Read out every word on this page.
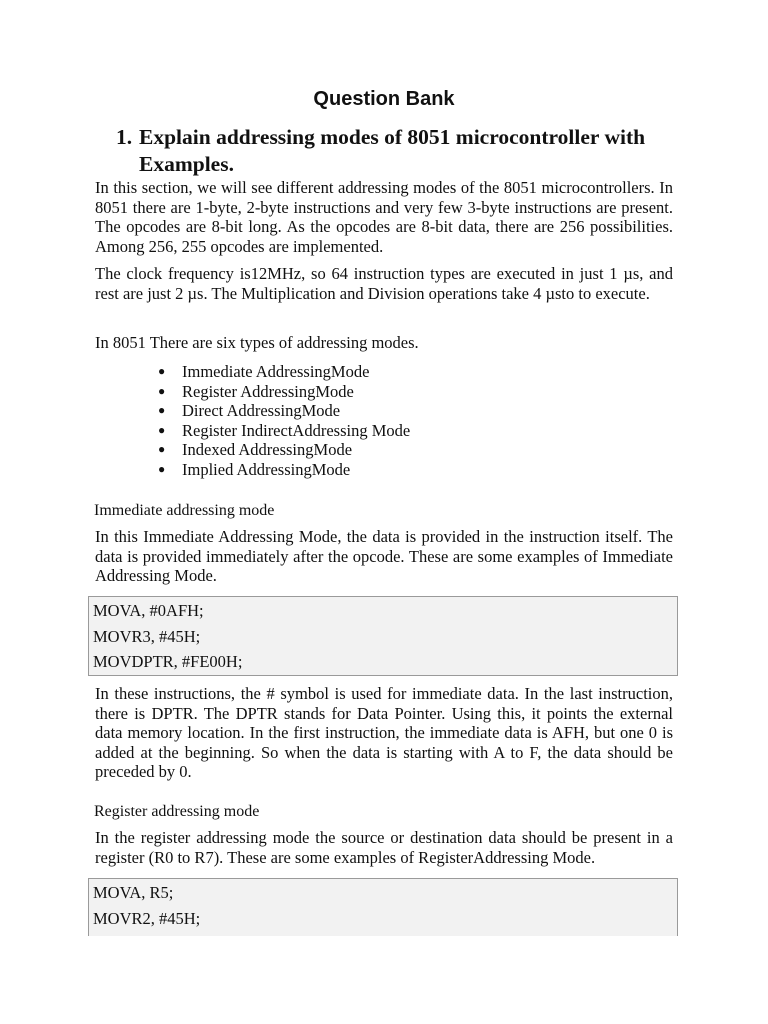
Question Bank
1. Explain addressing modes of 8051 microcontroller with Examples.

In this section, we will see different addressing modes of the 8051 microcontrollers. In 8051 there are 1-byte, 2-byte instructions and very few 3-byte instructions are present. The opcodes are 8-bit long. As the opcodes are 8-bit data, there are 256 possibilities. Among 256, 255 opcodes are implemented.

The clock frequency is12MHz, so 64 instruction types are executed in just 1 µs, and rest are just 2 µs. The Multiplication and Division operations take 4 µsto to execute.

In 8051 There are six types of addressing modes.

● Immediate AddressingMode
● Register AddressingMode
● Direct AddressingMode
● Register IndirectAddressing Mode
● Indexed AddressingMode
● Implied AddressingMode

Immediate addressing mode

In this Immediate Addressing Mode, the data is provided in the instruction itself. The data is provided immediately after the opcode. These are some examples of Immediate Addressing Mode.

MOVA, #0AFH;
MOVR3, #45H;
MOVDPTR, #FE00H;

In these instructions, the # symbol is used for immediate data. In the last instruction, there is DPTR. The DPTR stands for Data Pointer. Using this, it points the external data memory location. In the first instruction, the immediate data is AFH, but one 0 is added at the beginning. So when the data is starting with A to F, the data should be preceded by 0.

Register addressing mode

In the register addressing mode the source or destination data should be present in a register (R0 to R7). These are some examples of RegisterAddressing Mode.

MOVA, R5;
MOVR2, #45H;
